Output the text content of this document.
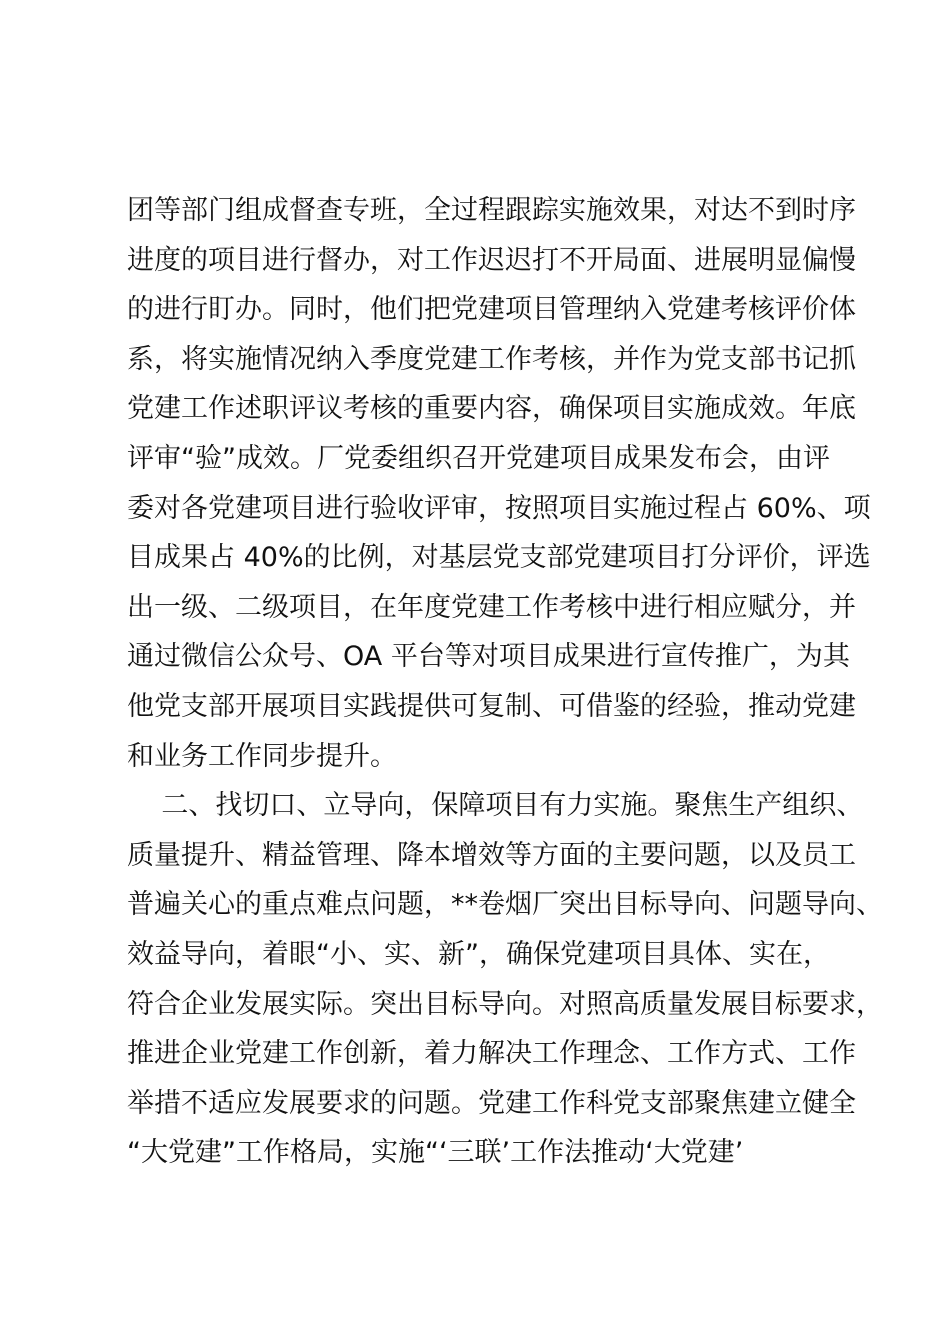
团等部门组成督查专班，全过程跟踪实施效果，对达不到时序
进度的项目进行督办，对工作迟迟打不开局面、进展明显偏慢
的进行盯办。同时，他们把党建项目管理纳入党建考核评价体
系，将实施情况纳入季度党建工作考核，并作为党支部书记抓
党建工作述职评议考核的重要内容，确保项目实施成效。年底
评审“验”成效。厂党委组织召开党建项目成果发布会，由评
委对各党建项目进行验收评审，按照项目实施过程占 60%、项
目成果占 40%的比例，对基层党支部党建项目打分评价，评选
出一级、二级项目，在年度党建工作考核中进行相应赋分，并
通过微信公众号、OA 平台等对项目成果进行宣传推广，为其
他党支部开展项目实践提供可复制、可借鉴的经验，推动党建
和业务工作同步提升。
二、找切口、立导向，保障项目有力实施。聚焦生产组织、
质量提升、精益管理、降本增效等方面的主要问题，以及员工
普遍关心的重点难点问题，**卷烟厂突出目标导向、问题导向、
效益导向，着眼“小、实、新”，确保党建项目具体、实在，
符合企业发展实际。突出目标导向。对照高质量发展目标要求，
推进企业党建工作创新，着力解决工作理念、工作方式、工作
举措不适应发展要求的问题。党建工作科党支部聚焦建立健全
“大党建”工作格局，实施“‘三联’工作法推动‘大党建’
